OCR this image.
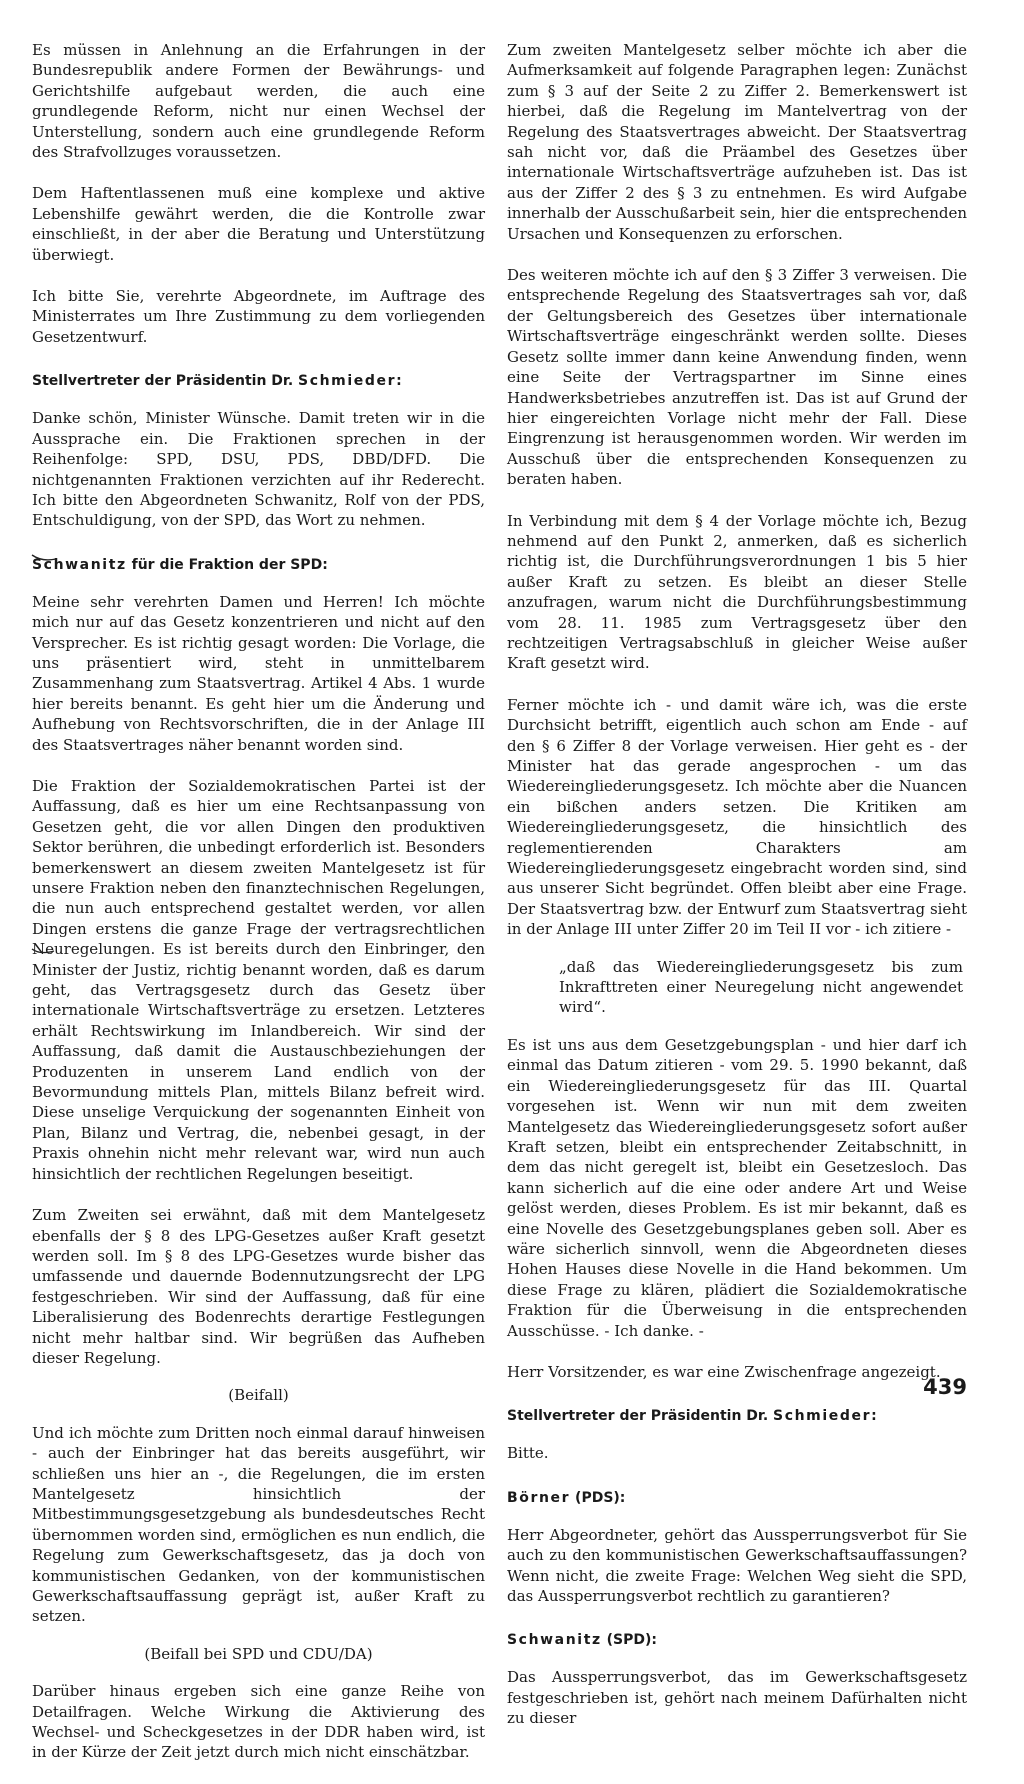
Es müssen in Anlehnung an die Erfahrungen in der Bundesrepublik andere Formen der Bewährungs- und Gerichtshilfe aufgebaut werden, die auch eine grundlegende Reform, nicht nur einen Wechsel der Unterstellung, sondern auch eine grundlegende Reform des Strafvollzuges voraussetzen.

Dem Haftentlassenen muß eine komplexe und aktive Lebenshilfe gewährt werden, die die Kontrolle zwar einschließt, in der aber die Beratung und Unterstützung überwiegt.

Ich bitte Sie, verehrte Abgeordnete, im Auftrage des Ministerrates um Ihre Zustimmung zu dem vorliegenden Gesetzentwurf.

Stellvertreter der Präsidentin Dr. Schmieder:

Danke schön, Minister Wünsche. Damit treten wir in die Aussprache ein. Die Fraktionen sprechen in der Reihenfolge: SPD, DSU, PDS, DBD/DFD. Die nichtgenannten Fraktionen verzichten auf ihr Rederecht. Ich bitte den Abgeordneten Schwanitz, Rolf von der PDS, Entschuldigung, von der SPD, das Wort zu nehmen.

Schwanitz für die Fraktion der SPD:

Meine sehr verehrten Damen und Herren! Ich möchte mich nur auf das Gesetz konzentrieren und nicht auf den Versprecher. Es ist richtig gesagt worden: Die Vorlage, die uns präsentiert wird, steht in unmittelbarem Zusammenhang zum Staatsvertrag. Artikel 4 Abs. 1 wurde hier bereits benannt. Es geht hier um die Änderung und Aufhebung von Rechtsvorschriften, die in der Anlage III des Staatsvertrages näher benannt worden sind.

Die Fraktion der Sozialdemokratischen Partei ist der Auffassung, daß es hier um eine Rechtsanpassung von Gesetzen geht, die vor allen Dingen den produktiven Sektor berühren, die unbedingt erforderlich ist. Besonders bemerkenswert an diesem zweiten Mantelgesetz ist für unsere Fraktion neben den finanztechnischen Regelungen, die nun auch entsprechend gestaltet werden, vor allen Dingen erstens die ganze Frage der vertragsrechtlichen Neuregelungen. Es ist bereits durch den Einbringer, den Minister der Justiz, richtig benannt worden, daß es darum geht, das Vertragsgesetz durch das Gesetz über internationale Wirtschaftsverträge zu ersetzen. Letzteres erhält Rechtswirkung im Inlandbereich. Wir sind der Auffassung, daß damit die Austauschbeziehungen der Produzenten in unserem Land endlich von der Bevormundung mittels Plan, mittels Bilanz befreit wird. Diese unselige Verquickung der sogenannten Einheit von Plan, Bilanz und Vertrag, die, nebenbei gesagt, in der Praxis ohnehin nicht mehr relevant war, wird nun auch hinsichtlich der rechtlichen Regelungen beseitigt.

Zum Zweiten sei erwähnt, daß mit dem Mantelgesetz ebenfalls der § 8 des LPG-Gesetzes außer Kraft gesetzt werden soll. Im § 8 des LPG-Gesetzes wurde bisher das umfassende und dauernde Bodennutzungsrecht der LPG festgeschrieben. Wir sind der Auffassung, daß für eine Liberalisierung des Bodenrechts derartige Festlegungen nicht mehr haltbar sind. Wir begrüßen das Aufheben dieser Regelung.

(Beifall)

Und ich möchte zum Dritten noch einmal darauf hinweisen - auch der Einbringer hat das bereits ausgeführt, wir schließen uns hier an -, die Regelungen, die im ersten Mantelgesetz hinsichtlich der Mitbestimmungsgesetzgebung als bundesdeutsches Recht übernommen worden sind, ermöglichen es nun endlich, die Regelung zum Gewerkschaftsgesetz, das ja doch von kommunistischen Gedanken, von der kommunistischen Gewerkschaftsauffassung geprägt ist, außer Kraft zu setzen.

(Beifall bei SPD und CDU/DA)

Darüber hinaus ergeben sich eine ganze Reihe von Detailfragen. Welche Wirkung die Aktivierung des Wechsel- und Scheckgesetzes in der DDR haben wird, ist in der Kürze der Zeit jetzt durch mich nicht einschätzbar.

Zum zweiten Mantelgesetz selber möchte ich aber die Aufmerksamkeit auf folgende Paragraphen legen: Zunächst zum § 3 auf der Seite 2 zu Ziffer 2. Bemerkenswert ist hierbei, daß die Regelung im Mantelvertrag von der Regelung des Staatsvertrages abweicht. Der Staatsvertrag sah nicht vor, daß die Präambel des Gesetzes über internationale Wirtschaftsverträge aufzuheben ist. Das ist aus der Ziffer 2 des § 3 zu entnehmen. Es wird Aufgabe innerhalb der Ausschußarbeit sein, hier die entsprechenden Ursachen und Konsequenzen zu erforschen.

Des weiteren möchte ich auf den § 3 Ziffer 3 verweisen. Die entsprechende Regelung des Staatsvertrages sah vor, daß der Geltungsbereich des Gesetzes über internationale Wirtschaftsverträge eingeschränkt werden sollte. Dieses Gesetz sollte immer dann keine Anwendung finden, wenn eine Seite der Vertragspartner im Sinne eines Handwerksbetriebes anzutreffen ist. Das ist auf Grund der hier eingereichten Vorlage nicht mehr der Fall. Diese Eingrenzung ist herausgenommen worden. Wir werden im Ausschuß über die entsprechenden Konsequenzen zu beraten haben.

In Verbindung mit dem § 4 der Vorlage möchte ich, Bezug nehmend auf den Punkt 2, anmerken, daß es sicherlich richtig ist, die Durchführungsverordnungen 1 bis 5 hier außer Kraft zu setzen. Es bleibt an dieser Stelle anzufragen, warum nicht die Durchführungsbestimmung vom 28. 11. 1985 zum Vertragsgesetz über den rechtzeitigen Vertragsabschluß in gleicher Weise außer Kraft gesetzt wird.

Ferner möchte ich - und damit wäre ich, was die erste Durchsicht betrifft, eigentlich auch schon am Ende - auf den § 6 Ziffer 8 der Vorlage verweisen. Hier geht es - der Minister hat das gerade angesprochen - um das Wiedereingliederungsgesetz. Ich möchte aber die Nuancen ein bißchen anders setzen. Die Kritiken am Wiedereingliederungsgesetz, die hinsichtlich des reglementierenden Charakters am Wiedereingliederungsgesetz eingebracht worden sind, sind aus unserer Sicht begründet. Offen bleibt aber eine Frage. Der Staatsvertrag bzw. der Entwurf zum Staatsvertrag sieht in der Anlage III unter Ziffer 20 im Teil II vor - ich zitiere -

„daß das Wiedereingliederungsgesetz bis zum Inkrafttreten einer Neuregelung nicht angewendet wird“.

Es ist uns aus dem Gesetzgebungsplan - und hier darf ich einmal das Datum zitieren - vom 29. 5. 1990 bekannt, daß ein Wiedereingliederungsgesetz für das III. Quartal vorgesehen ist. Wenn wir nun mit dem zweiten Mantelgesetz das Wiedereingliederungsgesetz sofort außer Kraft setzen, bleibt ein entsprechender Zeitabschnitt, in dem das nicht geregelt ist, bleibt ein Gesetzesloch. Das kann sicherlich auf die eine oder andere Art und Weise gelöst werden, dieses Problem. Es ist mir bekannt, daß es eine Novelle des Gesetzgebungsplanes geben soll. Aber es wäre sicherlich sinnvoll, wenn die Abgeordneten dieses Hohen Hauses diese Novelle in die Hand bekommen. Um diese Frage zu klären, plädiert die Sozialdemokratische Fraktion für die Überweisung in die entsprechenden Ausschüsse. - Ich danke. -

Herr Vorsitzender, es war eine Zwischenfrage angezeigt.

Stellvertreter der Präsidentin Dr. Schmieder:

Bitte.

Börner (PDS):

Herr Abgeordneter, gehört das Aussperrungsverbot für Sie auch zu den kommunistischen Gewerkschaftsauffassungen? Wenn nicht, die zweite Frage: Welchen Weg sieht die SPD, das Aussperrungsverbot rechtlich zu garantieren?

Schwanitz (SPD):

Das Aussperrungsverbot, das im Gewerkschaftsgesetz festgeschrieben ist, gehört nach meinem Dafürhalten nicht zu dieser

439
